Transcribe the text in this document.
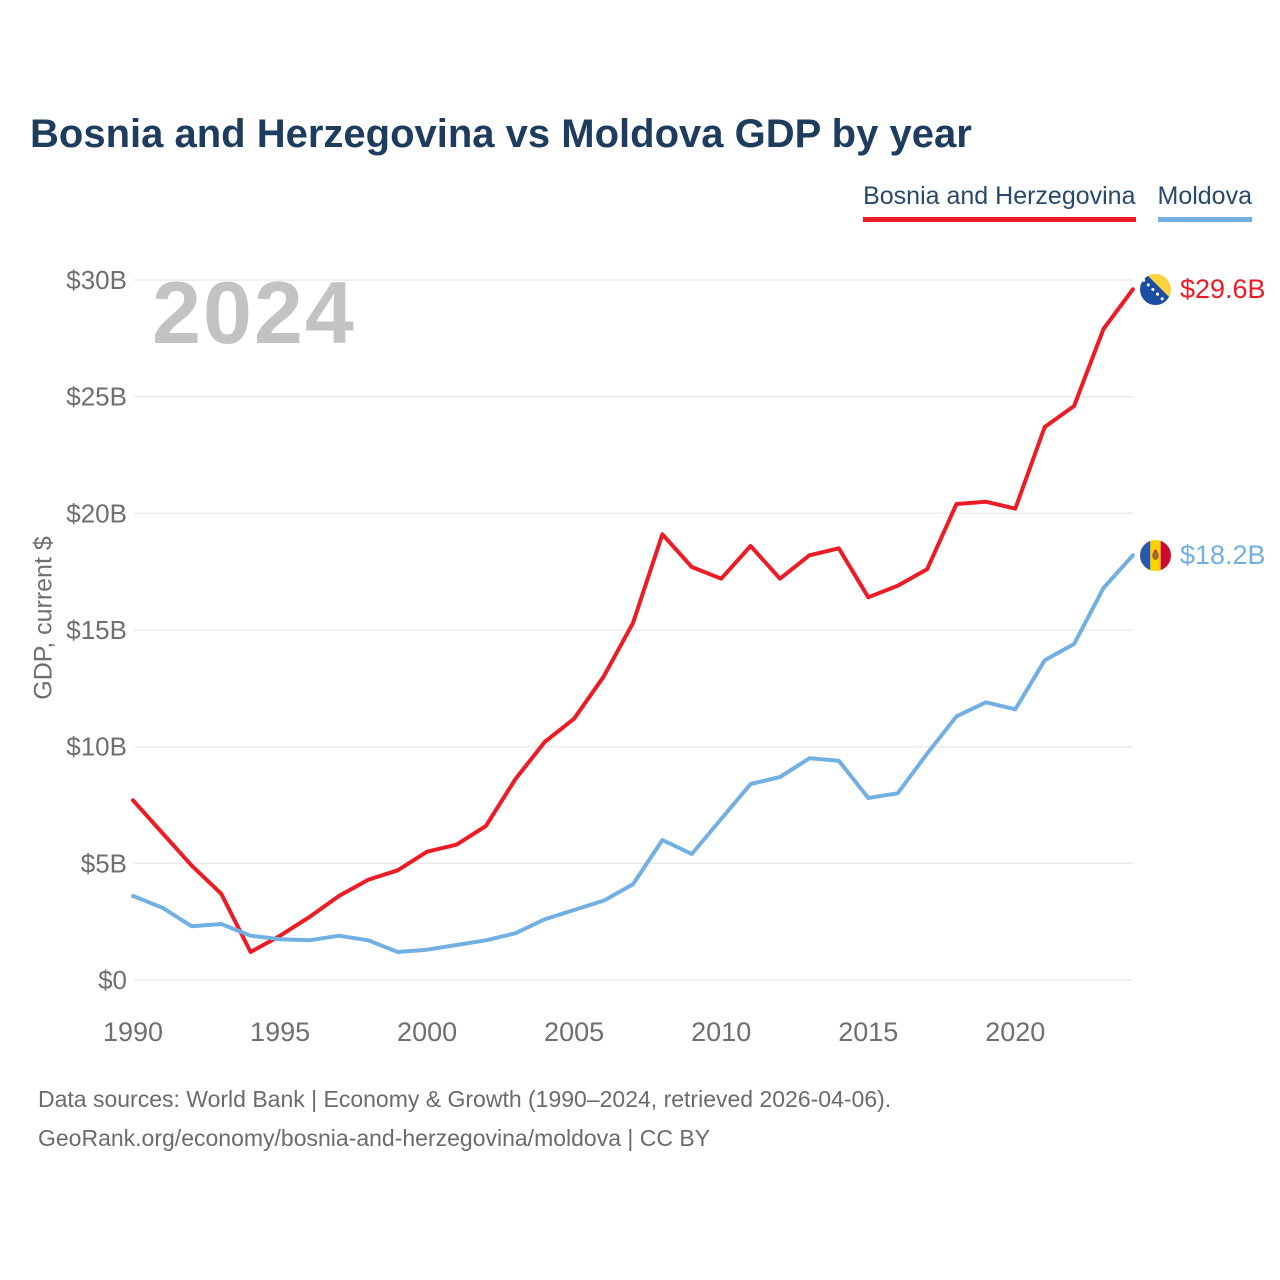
Bosnia and Herzegovina vs Moldova GDP by year
Bosnia and Herzegovina Moldova
2024
$0
$5B
$10B
$15B
$20B
$25B
$30B
1990	1995	2000	2005	2010	2015	2020
GDP, current $
$29.6B
$18.2B
Data sources: World Bank | Economy & Growth (1990–2024, retrieved 2026-04-06).
GeoRank.org/economy/bosnia-and-herzegovina/moldova | CC BY
